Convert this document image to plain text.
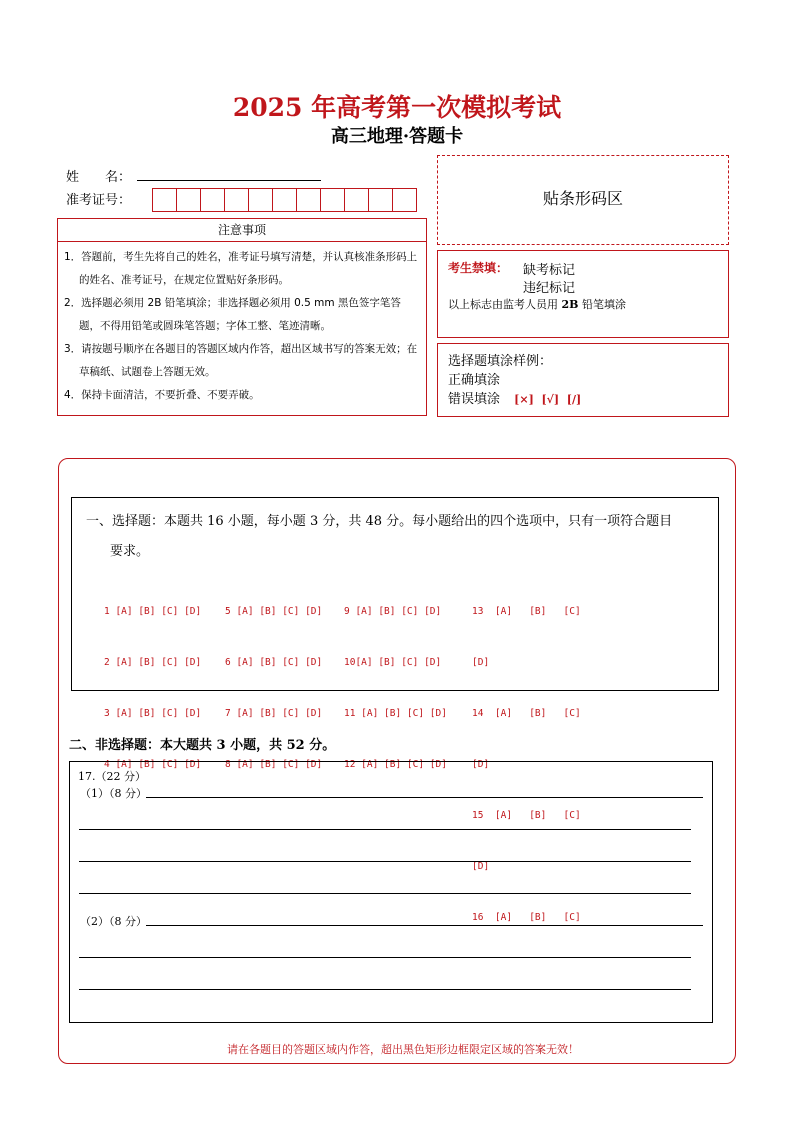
2025 年高考第一次模拟考试
高三地理·答题卡
姓　　名：
准考证号：
注意事项
1．答题前，考生先将自己的姓名，准考证号填写清楚，并认真核准条形码上的姓名、准考证号，在规定位置贴好条形码。
2．选择题必须用 2B 铅笔填涂；非选择题必须用 0.5 mm 黑色签字笔答题，不得用铅笔或圆珠笔答题；字体工整、笔迹清晰。
3．请按题号顺序在各题目的答题区域内作答，超出区域书写的答案无效；在草稿纸、试题卷上答题无效。
4．保持卡面清洁，不要折叠、不要弄破。
贴条形码区
考生禁填： 缺考标记
违纪标记
以上标志由监考人员用 2B 铅笔填涂
选择题填涂样例：
正确填涂
错误填涂 [×]  [√]  [/]
一、选择题：本题共 16 小题，每小题 3 分，共 48 分。每小题给出的四个选项中，只有一项符合题目
要求。

1 [A] [B] [C] [D]

2 [A] [B] [C] [D]

3 [A] [B] [C] [D]

4 [A] [B] [C] [D]

5 [A] [B] [C] [D]

6 [A] [B] [C] [D]

7 [A] [B] [C] [D]

8 [A] [B] [C] [D]

9 [A] [B] [C] [D]

10[A] [B] [C] [D]

11 [A] [B] [C] [D]

12 [A] [B] [C] [D]

13  [A]   [B]   [C]

[D]

14  [A]   [B]   [C]

[D]

15  [A]   [B]   [C]

[D]

16  [A]   [B]   [C]

二、非选择题：本大题共 3 小题，共 52 分。
17.（22 分）
（1）（8 分）
（2）（8 分）
请在各题目的答题区域内作答，超出黑色矩形边框限定区域的答案无效！
